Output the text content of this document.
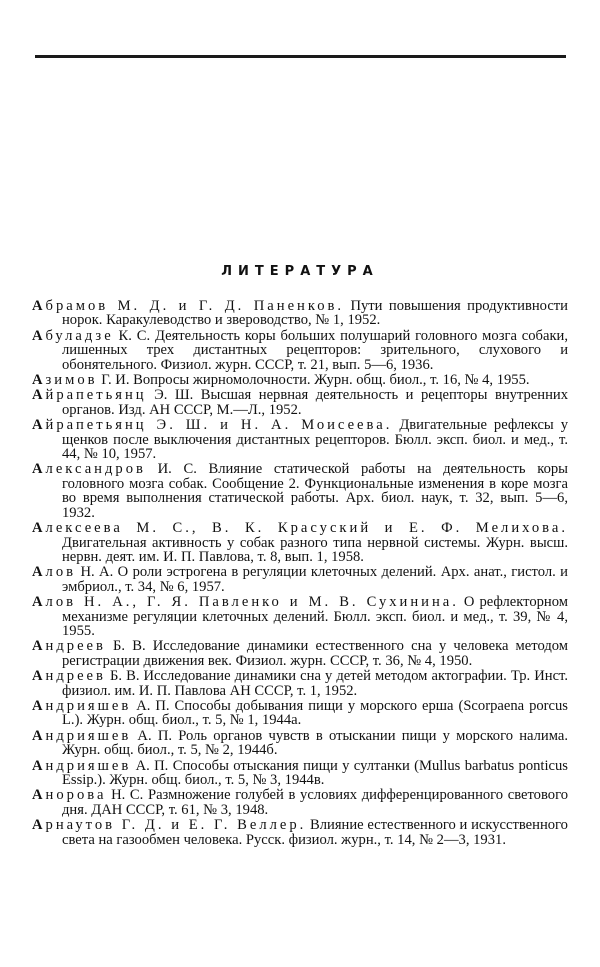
ЛИТЕРАТУРА

Абрамов М. Д. и Г. Д. Паненков. Пути повышения продуктивности норок. Каракулеводство и звероводство, № 1, 1952.

Абуладзе К. С. Деятельность коры больших полушарий головного мозга собаки, лишенных трех дистантных рецепторов: зрительного, слухового и обонятельного. Физиол. журн. СССР, т. 21, вып. 5—6, 1936.

Азимов Г. И. Вопросы жирномолочности. Журн. общ. биол., т. 16, № 4, 1955.

Айрапетьянц Э. Ш. Высшая нервная деятельность и рецепторы внутренних органов. Изд. АН СССР, М.—Л., 1952.

Айрапетьянц Э. Ш. и Н. А. Моисеева. Двигательные рефлексы у щенков после выключения дистантных рецепторов. Бюлл. эксп. биол. и мед., т. 44, № 10, 1957.

Александров И. С. Влияние статической работы на деятельность коры головного мозга собак. Сообщение 2. Функциональные изменения в коре мозга во время выполнения статической работы. Арх. биол. наук, т. 32, вып. 5—6, 1932.

Алексеева М. С., В. К. Красуский и Е. Ф. Мелихова. Двигательная активность у собак разного типа нервной системы. Журн. высш. нервн. деят. им. И. П. Павлова, т. 8, вып. 1, 1958.

Алов Н. А. О роли эстрогена в регуляции клеточных делений. Арх. анат., гистол. и эмбриол., т. 34, № 6, 1957.

Алов Н. А., Г. Я. Павленко и М. В. Сухинина. О рефлекторном механизме регуляции клеточных делений. Бюлл. эксп. биол. и мед., т. 39, № 4, 1955.

Андреев Б. В. Исследование динамики естественного сна у человека методом регистрации движения век. Физиол. журн. СССР, т. 36, № 4, 1950.

Андреев Б. В. Исследование динамики сна у детей методом актографии. Тр. Инст. физиол. им. И. П. Павлова АН СССР, т. 1, 1952.

Андрияшев А. П. Способы добывания пищи у морского ерша (Scorpaena porcus L.). Журн. общ. биол., т. 5, № 1, 1944а.

Андрияшев А. П. Роль органов чувств в отыскании пищи у морского налима. Журн. общ. биол., т. 5, № 2, 1944б.

Андрияшев А. П. Способы отыскания пищи у султанки (Mullus barbatus ponticus Essip.). Журн. общ. биол., т. 5, № 3, 1944в.

Анорова Н. С. Размножение голубей в условиях дифференцированного светового дня. ДАН СССР, т. 61, № 3, 1948.

Арнаутов Г. Д. и Е. Г. Веллер. Влияние естественного и искусственного света на газообмен человека. Русск. физиол. журн., т. 14, № 2—3, 1931.
